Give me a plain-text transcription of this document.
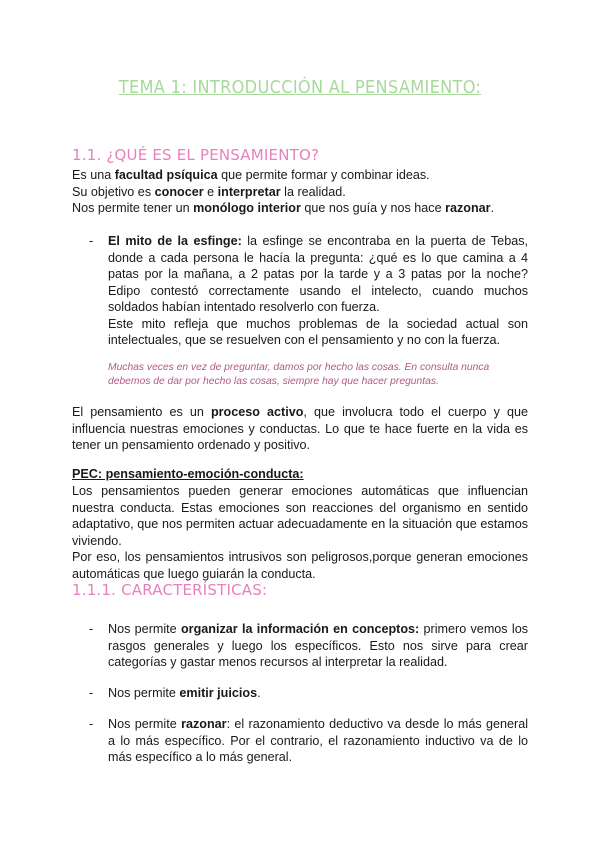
TEMA 1: INTRODUCCIÓN AL PENSAMIENTO:
1.1. ¿QUÉ ES EL PENSAMIENTO?

Es una facultad psíquica que permite formar y combinar ideas.
Su objetivo es conocer e interpretar la realidad.
Nos permite tener un monólogo interior que nos guía y nos hace razonar.

- El mito de la esfinge: la esfinge se encontraba en la puerta de Tebas, donde a cada persona le hacía la pregunta: ¿qué es lo que camina a 4 patas por la mañana, a 2 patas por la tarde y a 3 patas por la noche? Edipo contestó correctamente usando el intelecto, cuando muchos soldados habían intentado resolverlo con fuerza.
Este mito refleja que muchos problemas de la sociedad actual son intelectuales, que se resuelven con el pensamiento y no con la fuerza.

Muchas veces en vez de preguntar, damos por hecho las cosas. En consulta nunca debemos de dar por hecho las cosas, siempre hay que hacer preguntas.

El pensamiento es un proceso activo, que involucra todo el cuerpo y que influencia nuestras emociones y conductas. Lo que te hace fuerte en la vida es tener un pensamiento ordenado y positivo.

PEC: pensamiento-emoción-conducta:

Los pensamientos pueden generar emociones automáticas que influencian nuestra conducta. Estas emociones son reacciones del organismo en sentido adaptativo, que nos permiten actuar adecuadamente en la situación que estamos viviendo.
Por eso, los pensamientos intrusivos son peligrosos,porque generan emociones automáticas que luego guiarán la conducta.

1.1.1. CARACTERÍSTICAS:
- Nos permite organizar la información en conceptos: primero vemos los rasgos generales y luego los específicos. Esto nos sirve para crear categorías y gastar menos recursos al interpretar la realidad.

- Nos permite emitir juicios.

- Nos permite razonar: el razonamiento deductivo va desde lo más general a lo más específico. Por el contrario, el razonamiento inductivo va de lo más específico a lo más general.
